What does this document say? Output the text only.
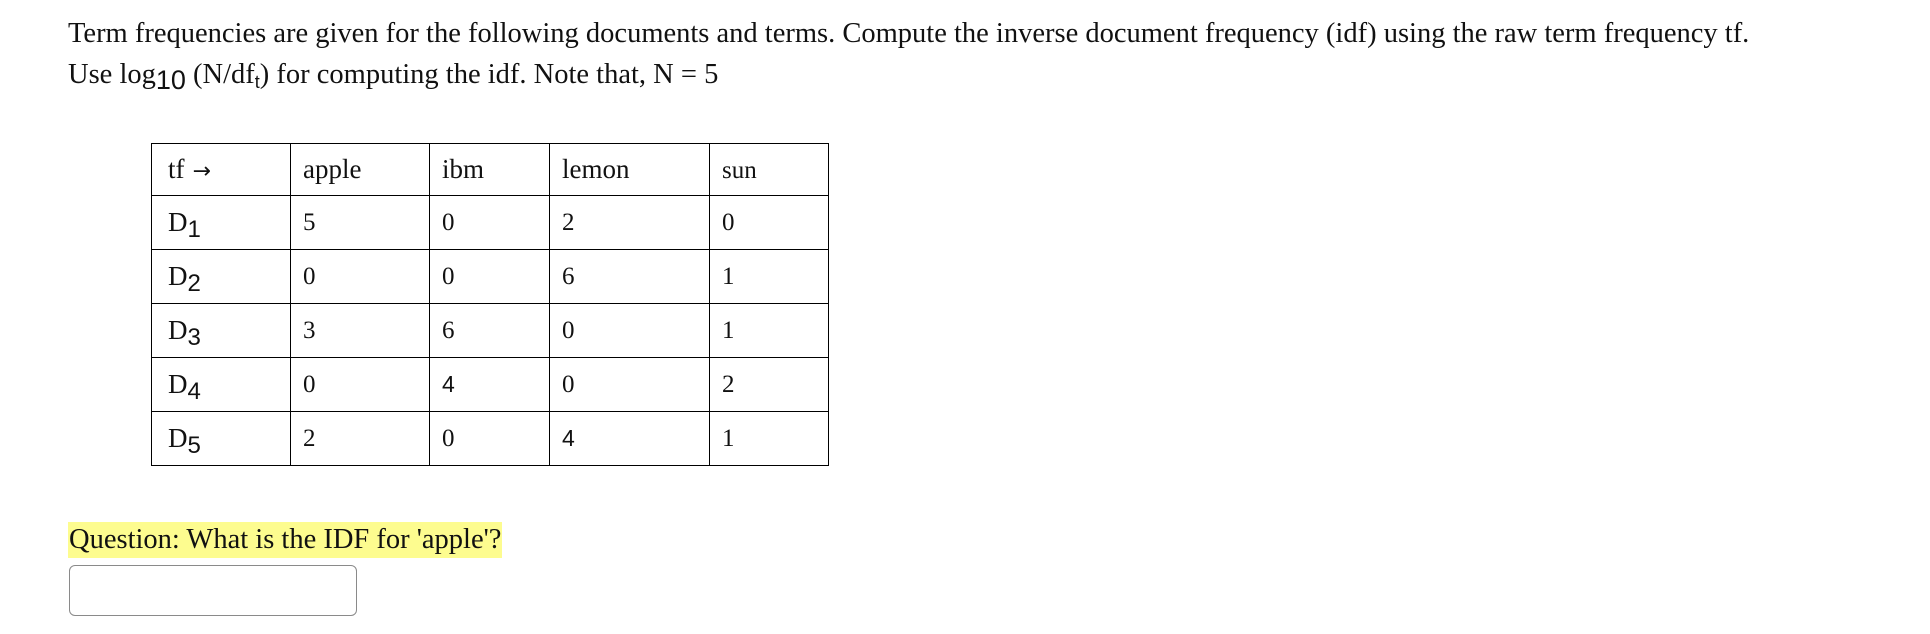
Term frequencies are given for the following documents and terms. Compute the inverse document frequency (idf) using the raw term frequency tf.
Use log10 (N/dft) for computing the idf. Note that, N = 5
tf →	apple	ibm	lemon	sun
D1	5	0	2	0
D2	0	0	6	1
D3	3	6	0	1
D4	0	4	0	2
D5	2	0	4	1
Question: What is the IDF for 'apple'?
